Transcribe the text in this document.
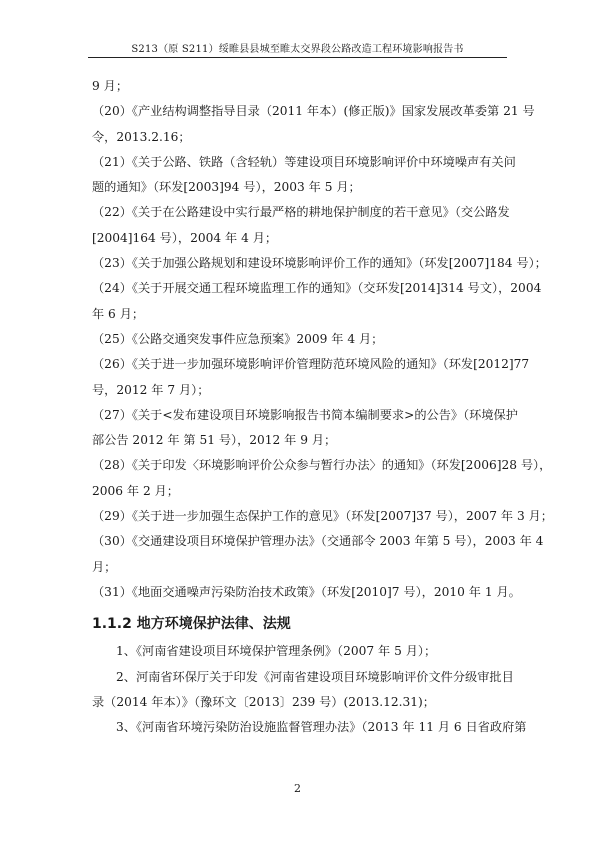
S213（原 S211）绥睢县县城至睢太交界段公路改造工程环境影响报告书
9 月；
（20）《产业结构调整指导目录（2011 年本）(修正版)》国家发展改革委第 21 号
令，2013.2.16；
（21）《关于公路、铁路（含轻轨）等建设项目环境影响评价中环境噪声有关问
题的通知》（环发[2003]94 号），2003 年 5 月；
（22）《关于在公路建设中实行最严格的耕地保护制度的若干意见》（交公路发
[2004]164 号），2004 年 4 月；
（23）《关于加强公路规划和建设环境影响评价工作的通知》（环发[2007]184 号）；
（24）《关于开展交通工程环境监理工作的通知》（交环发[2014]314 号文），2004
年 6 月；
（25）《公路交通突发事件应急预案》2009 年 4 月；
（26）《关于进一步加强环境影响评价管理防范环境风险的通知》（环发[2012]77
号，2012 年 7 月）；
（27）《关于<发布建设项目环境影响报告书简本编制要求>的公告》（环境保护
部公告 2012 年 第 51 号），2012 年 9 月；
（28）《关于印发〈环境影响评价公众参与暂行办法〉的通知》（环发[2006]28 号），
2006 年 2 月；
（29）《关于进一步加强生态保护工作的意见》（环发[2007]37 号），2007 年 3 月；
（30）《交通建设项目环境保护管理办法》（交通部令 2003 年第 5 号），2003 年 4
月；
（31）《地面交通噪声污染防治技术政策》（环发[2010]7 号），2010 年 1 月。
1.1.2 地方环境保护法律、法规
1、《河南省建设项目环境保护管理条例》（2007 年 5 月）；
2、河南省环保厅关于印发《河南省建设项目环境影响评价文件分级审批目
录（2014 年本）》（豫环文〔2013〕239 号）(2013.12.31)；
3、《河南省环境污染防治设施监督管理办法》（2013 年 11 月 6 日省政府第
2
